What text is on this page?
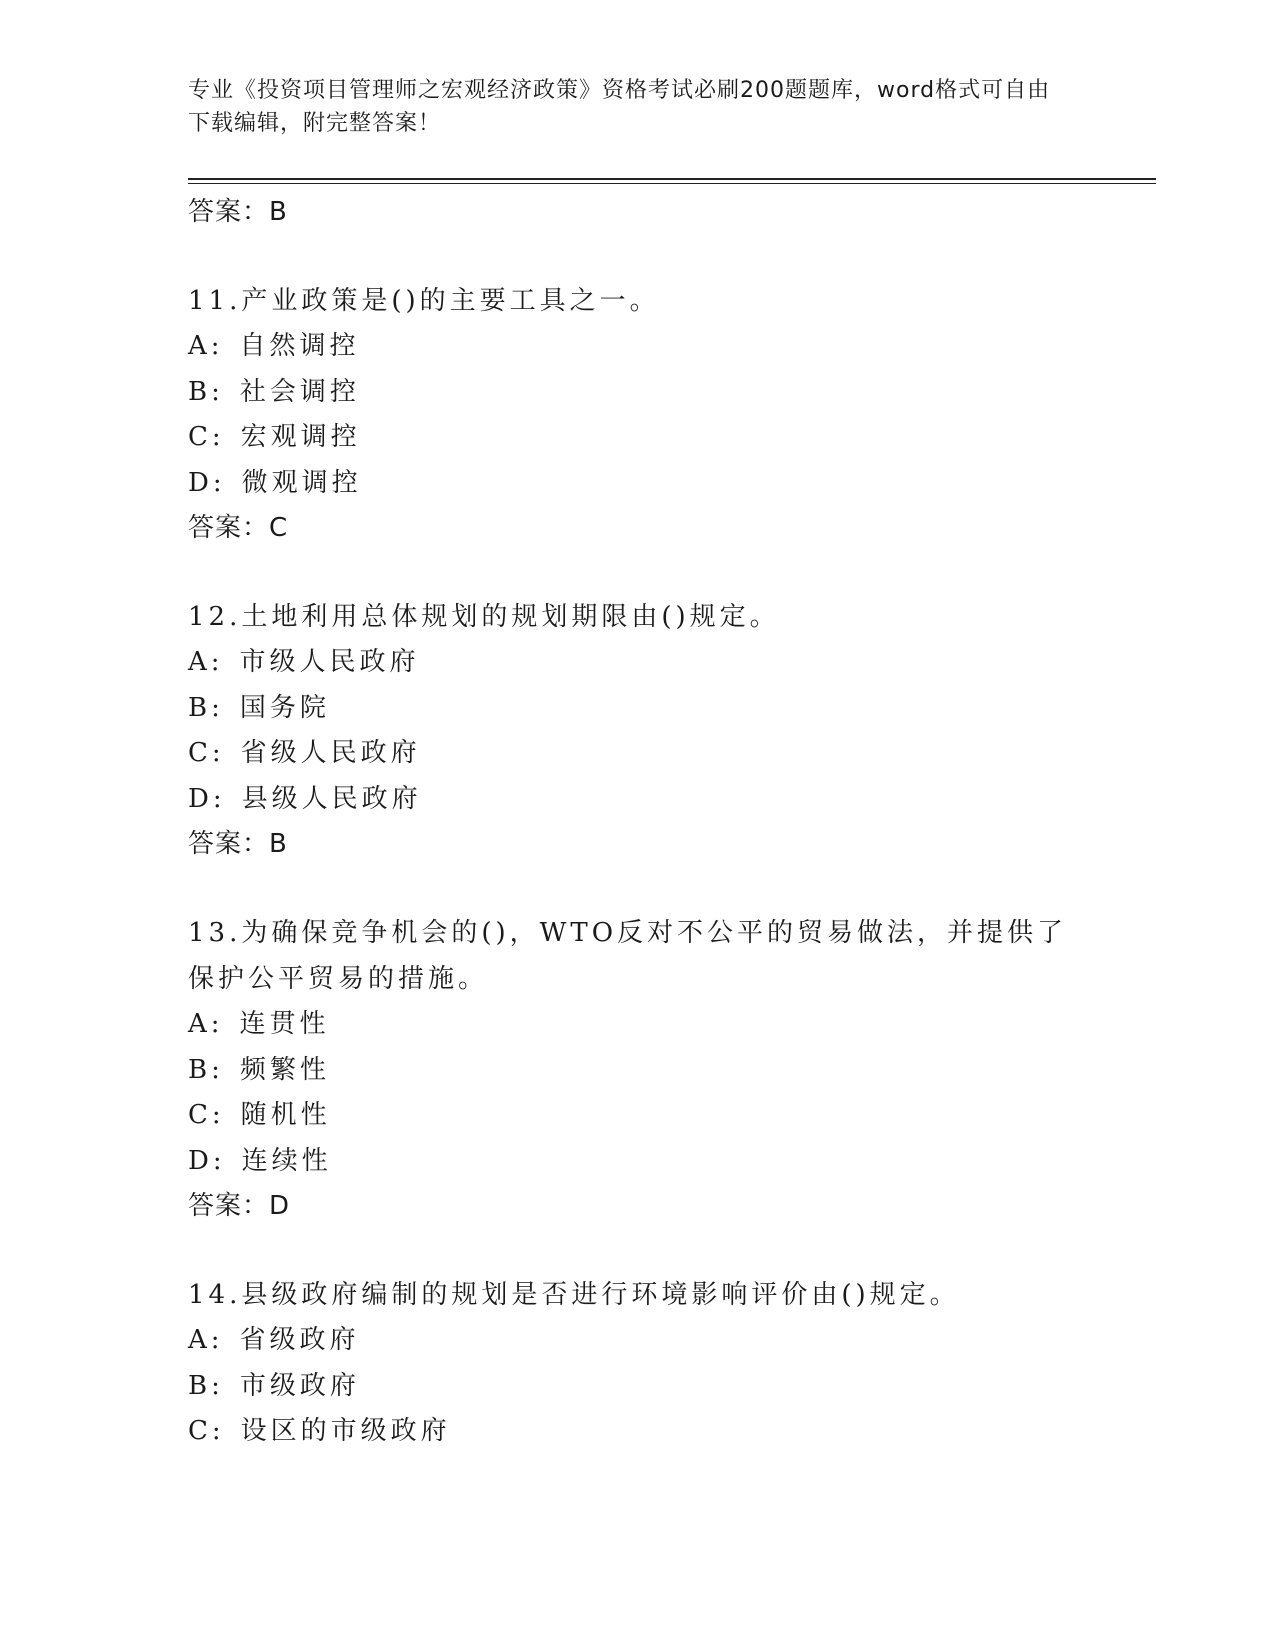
专业《投资项目管理师之宏观经济政策》资格考试必刷200题题库，word格式可自由下载编辑，附完整答案！
答案：B
11.产业政策是()的主要工具之一。
A: 自然调控
B: 社会调控
C: 宏观调控
D: 微观调控
答案：C
12.土地利用总体规划的规划期限由()规定。
A: 市级人民政府
B: 国务院
C: 省级人民政府
D: 县级人民政府
答案：B
13.为确保竞争机会的()，WTO反对不公平的贸易做法，并提供了保护公平贸易的措施。
A: 连贯性
B: 频繁性
C: 随机性
D: 连续性
答案：D
14.县级政府编制的规划是否进行环境影响评价由()规定。
A: 省级政府
B: 市级政府
C: 设区的市级政府
